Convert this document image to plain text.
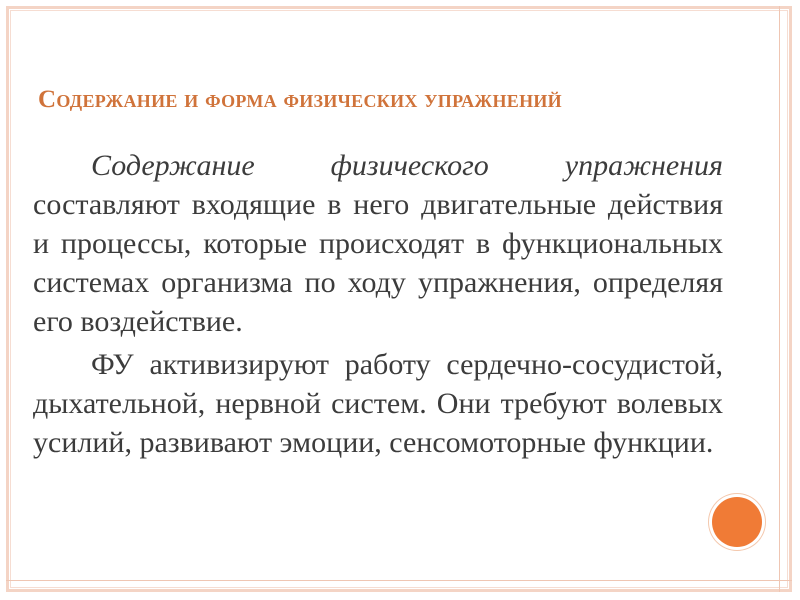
Содержание и форма физических упражнений

Содержание физического упражнения составляют входящие в него двигательные действия и процессы, которые происходят в функциональных системах организма по ходу упражнения, определяя его воздействие.

ФУ активизируют работу сердечно-сосудистой, дыхательной, нервной систем. Они требуют волевых усилий, развивают эмоции, сенсомоторные функции.
